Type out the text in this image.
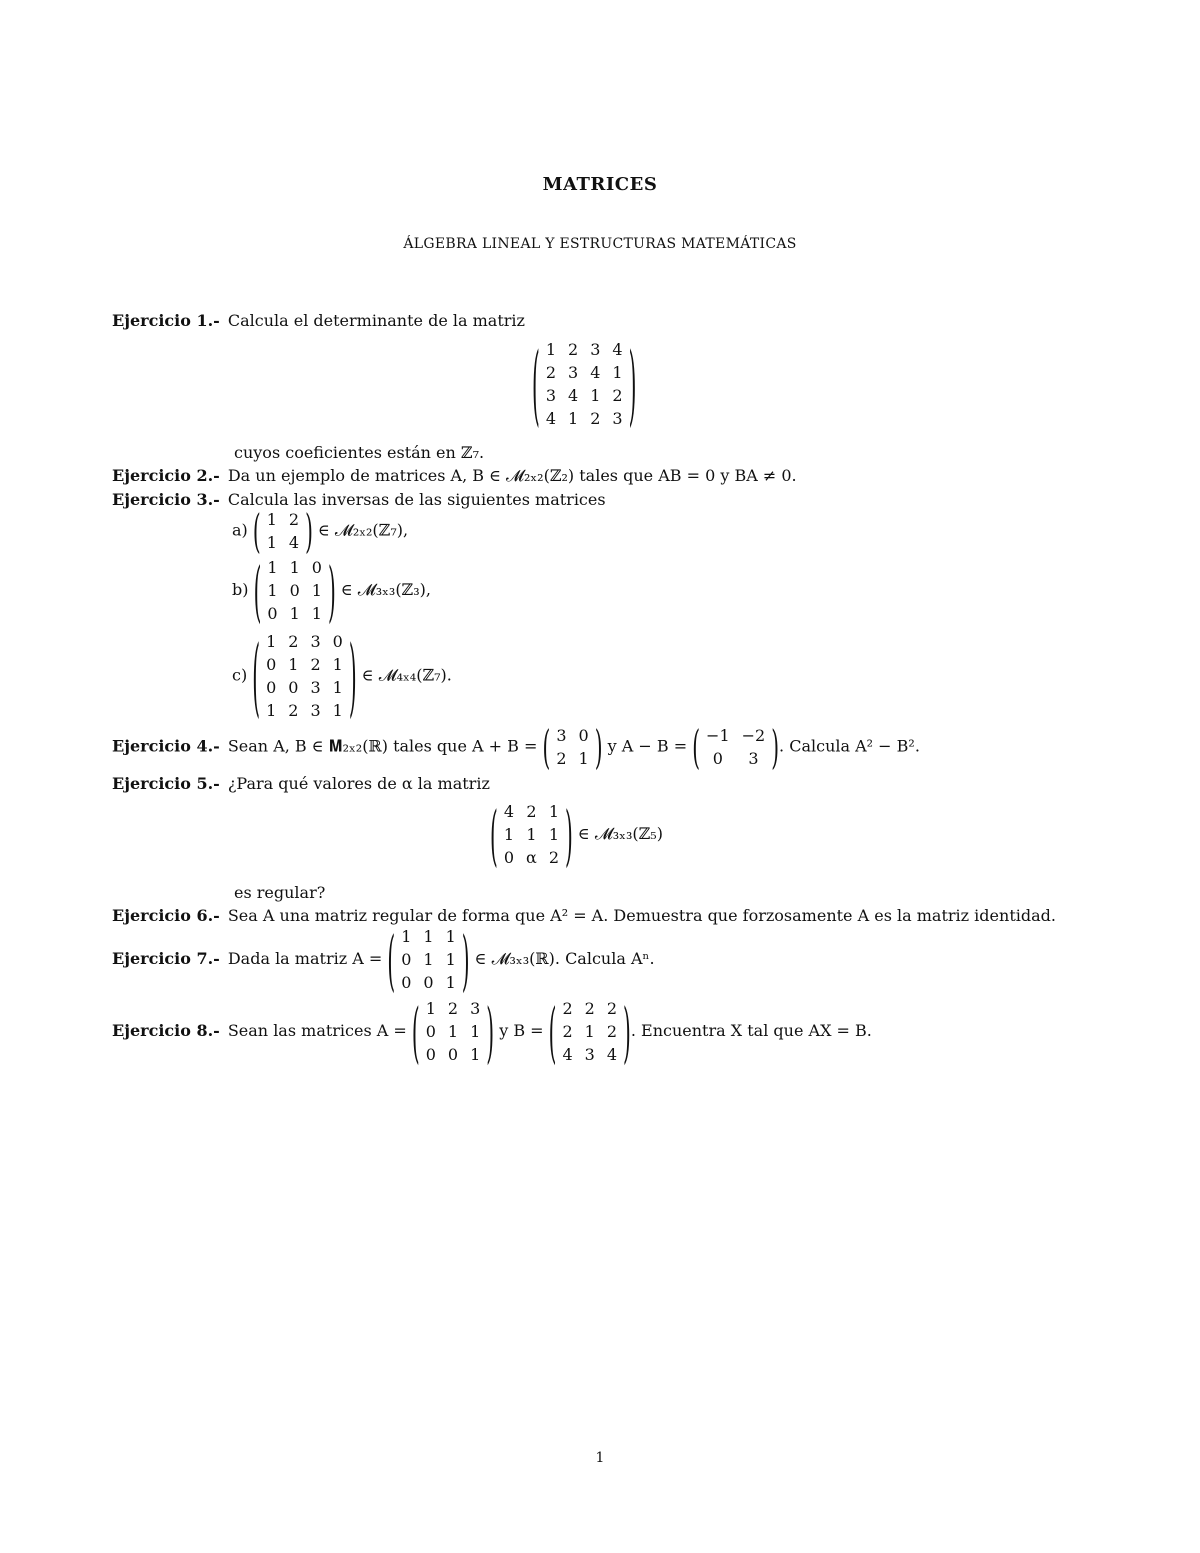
MATRICES
ÁLGEBRA LINEAL Y ESTRUCTURAS MATEMÁTICAS
Ejercicio 1.- Calcula el determinante de la matriz
( 1	2	3	4
2	3	4	1
3	4	1	2
4	1	2	3 )
cuyos coeficientes están en ℤ₇.
Ejercicio 2.- Da un ejemplo de matrices A, B ∈ 𝓜₂ₓ₂(ℤ₂) tales que AB = 0 y BA ≠ 0.
Ejercicio 3.- Calcula las inversas de las siguientes matrices
a) ( 1	2
1	4 ) ∈ 𝓜₂ₓ₂(ℤ₇),
b) ( 1	1	0
1	0	1
0	1	1 ) ∈ 𝓜₃ₓ₃(ℤ₃),
c) ( 1	2	3	0
0	1	2	1
0	0	3	1
1	2	3	1 ) ∈ 𝓜₄ₓ₄(ℤ₇).
Ejercicio 4.- Sean A, B ∈ 𝐌₂ₓ₂(ℝ) tales que A + B = ( 3	0
2	1 ) y A − B = ( −1	−2
0	3 ) . Calcula A² − B².
Ejercicio 5.- ¿Para qué valores de α la matriz
( 4	2	1
1	1	1
0	α	2 ) ∈ 𝓜₃ₓ₃(ℤ₅)
es regular?
Ejercicio 6.- Sea A una matriz regular de forma que A² = A. Demuestra que forzosamente A es la matriz identidad.
Ejercicio 7.- Dada la matriz A = ( 1	1	1
0	1	1
0	0	1 ) ∈ 𝓜₃ₓ₃(ℝ). Calcula Aⁿ.
Ejercicio 8.- Sean las matrices A = ( 1	2	3
0	1	1
0	0	1 ) y B = ( 2	2	2
2	1	2
4	3	4 ) . Encuentra X tal que AX = B.
1
